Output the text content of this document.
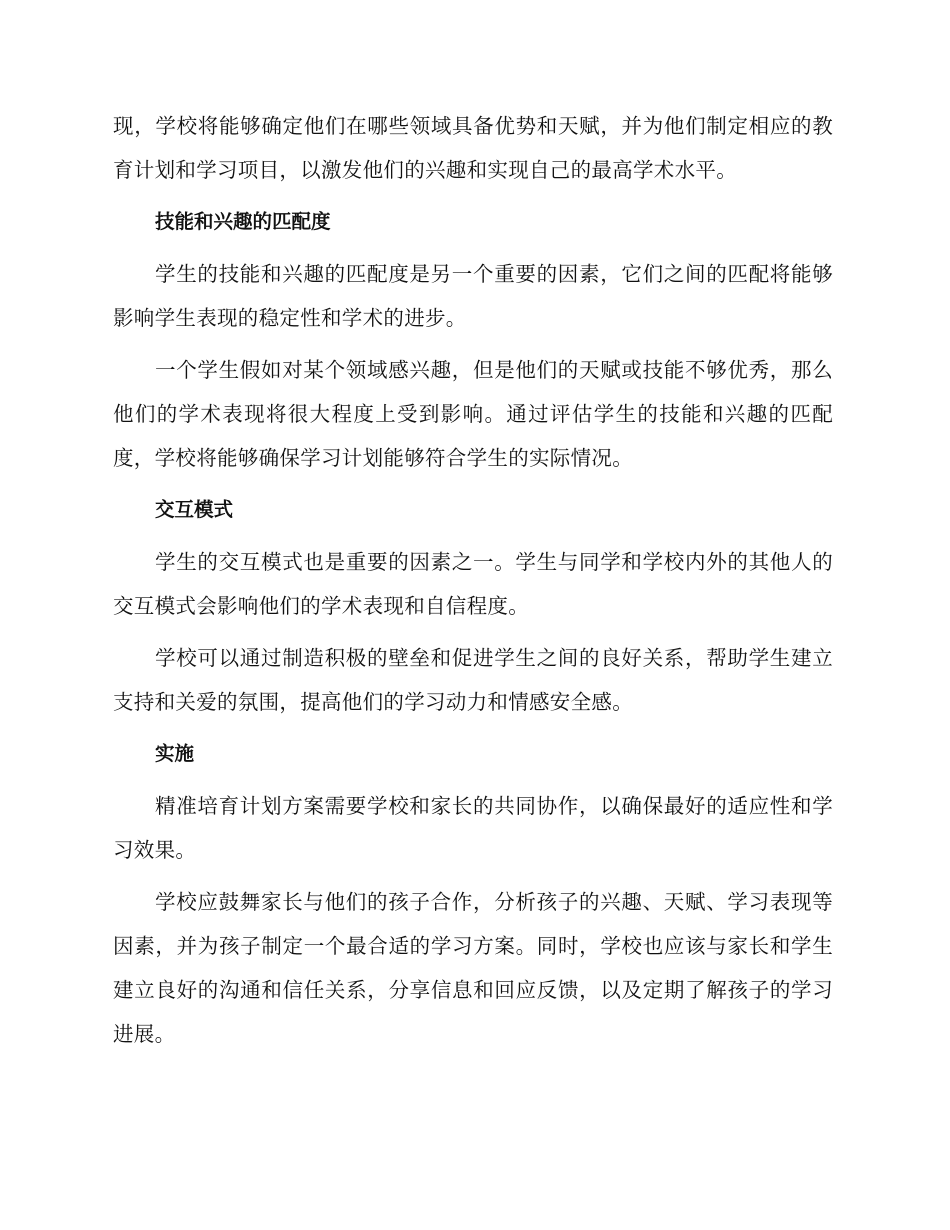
现，学校将能够确定他们在哪些领域具备优势和天赋，并为他们制定相应的教育计划和学习项目，以激发他们的兴趣和实现自己的最高学术水平。

技能和兴趣的匹配度

学生的技能和兴趣的匹配度是另一个重要的因素，它们之间的匹配将能够影响学生表现的稳定性和学术的进步。

一个学生假如对某个领域感兴趣，但是他们的天赋或技能不够优秀，那么他们的学术表现将很大程度上受到影响。通过评估学生的技能和兴趣的匹配度，学校将能够确保学习计划能够符合学生的实际情况。

交互模式

学生的交互模式也是重要的因素之一。学生与同学和学校内外的其他人的交互模式会影响他们的学术表现和自信程度。

学校可以通过制造积极的壁垒和促进学生之间的良好关系，帮助学生建立支持和关爱的氛围，提高他们的学习动力和情感安全感。

实施

精准培育计划方案需要学校和家长的共同协作，以确保最好的适应性和学习效果。

学校应鼓舞家长与他们的孩子合作，分析孩子的兴趣、天赋、学习表现等因素，并为孩子制定一个最合适的学习方案。同时，学校也应该与家长和学生建立良好的沟通和信任关系，分享信息和回应反馈，以及定期了解孩子的学习进展。
